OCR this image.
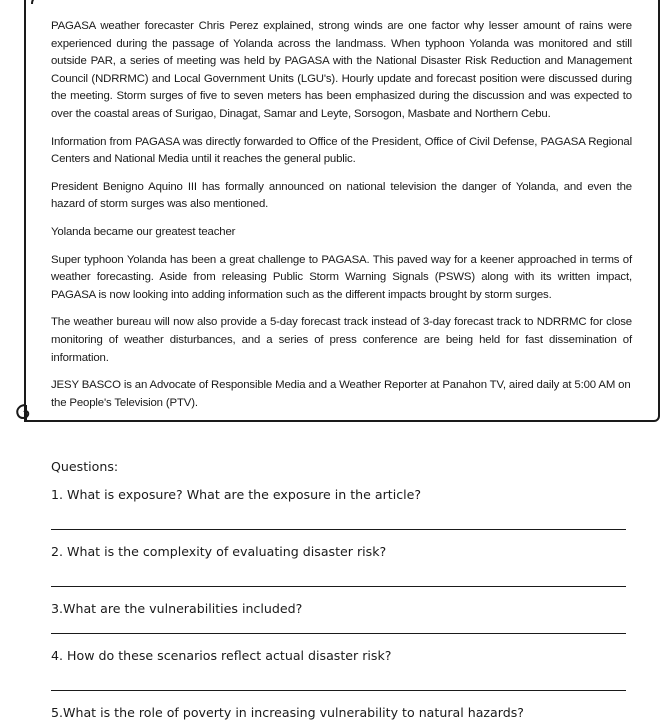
PAGASA weather forecaster Chris Perez explained, strong winds are one factor why lesser amount of rains were experienced during the passage of Yolanda across the landmass. When typhoon Yolanda was monitored and still outside PAR, a series of meeting was held by PAGASA with the National Disaster Risk Reduction and Management Council (NDRRMC) and Local Government Units (LGU's). Hourly update and forecast position were discussed during the meeting. Storm surges of five to seven meters has been emphasized during the discussion and was expected to over the coastal areas of Surigao, Dinagat, Samar and Leyte, Sorsogon, Masbate and Northern Cebu.

Information from PAGASA was directly forwarded to Office of the President, Office of Civil Defense, PAGASA Regional Centers and National Media until it reaches the general public.

President Benigno Aquino III has formally announced on national television the danger of Yolanda, and even the hazard of storm surges was also mentioned.

Yolanda became our greatest teacher

Super typhoon Yolanda has been a great challenge to PAGASA. This paved way for a keener approached in terms of weather forecasting. Aside from releasing Public Storm Warning Signals (PSWS) along with its written impact, PAGASA is now looking into adding information such as the different impacts brought by storm surges.

The weather bureau will now also provide a 5-day forecast track instead of 3-day forecast track to NDRRMC for close monitoring of weather disturbances, and a series of press conference are being held for fast dissemination of information.

JESY BASCO is an Advocate of Responsible Media and a Weather Reporter at Panahon TV, aired daily at 5:00 AM on the People's Television (PTV).

Questions:
1. What is exposure? What are the exposure in the article?
2. What is the complexity of evaluating disaster risk?
3.What are the vulnerabilities included?
4. How do these scenarios reflect actual disaster risk?
5.What is the role of poverty in increasing vulnerability to natural hazards?
